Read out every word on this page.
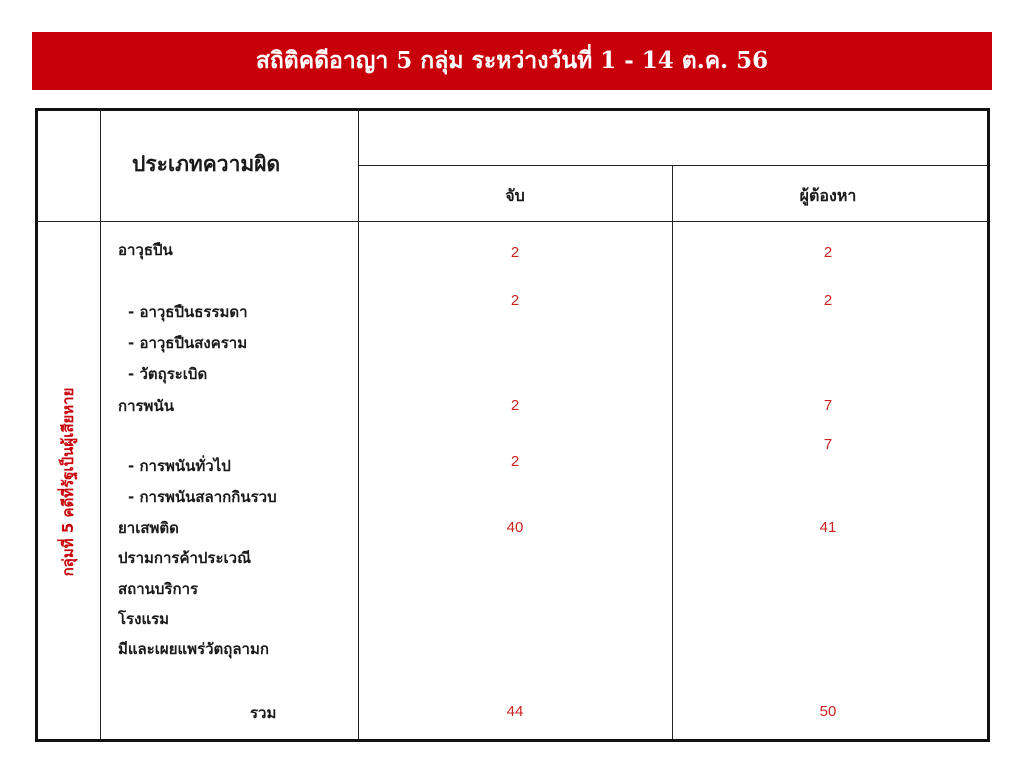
สถิติคดีอาญา 5 กลุ่ม ระหว่างวันที่ 1 - 14 ต.ค. 56
ประเภทความผิด
จับ	ผู้ต้องหา
กลุ่มที่ 5 คดีที่รัฐเป็นผู้เสียหาย
อาวุธปืน
- อาวุธปืนธรรมดา
- อาวุธปืนสงคราม
- วัตถุระเบิด
การพนัน
- การพนันทั่วไป
- การพนันสลากกินรวบ
ยาเสพติด
ปรามการค้าประเวณี
สถานบริการ
โรงแรม
มีและเผยแพร่วัตถุลามก
รวม
2
2
2
2
40
44
2
2
7
7
41
50
